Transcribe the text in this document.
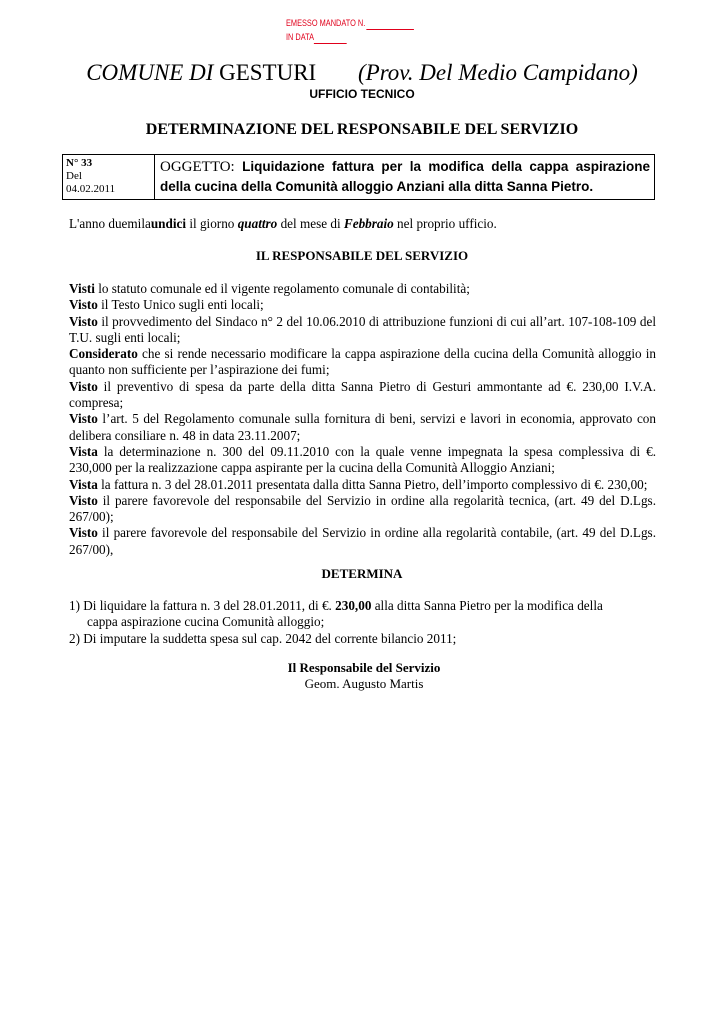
EMESSO MANDATO N.
IN DATA
COMUNE DI GESTURI (Prov. Del Medio Campidano)
UFFICIO TECNICO
DETERMINAZIONE DEL RESPONSABILE DEL SERVIZIO
N° 33
Del
04.02.2011
OGGETTO: Liquidazione fattura per la modifica della cappa aspirazione della cucina della Comunità alloggio Anziani alla ditta Sanna Pietro.
L'anno duemilaundici il giorno quattro del mese di Febbraio nel proprio ufficio.
IL RESPONSABILE DEL SERVIZIO

Visti lo statuto comunale ed il vigente regolamento comunale di contabilità;

Visto il Testo Unico sugli enti locali;

Visto il provvedimento del Sindaco n° 2 del 10.06.2010 di attribuzione funzioni di cui all’art. 107-108-109 del T.U. sugli enti locali;

Considerato che si rende necessario modificare la cappa aspirazione della cucina della Comunità alloggio in quanto non sufficiente per l’aspirazione dei fumi;

Visto il preventivo di spesa da parte della ditta Sanna Pietro di Gesturi ammontante ad €. 230,00 I.V.A. compresa;

Visto l’art. 5 del Regolamento comunale sulla fornitura di beni, servizi e lavori in economia, approvato con delibera consiliare n. 48 in data 23.11.2007;

Vista la determinazione n. 300 del 09.11.2010 con la quale venne impegnata la spesa complessiva di €. 230,000 per la realizzazione cappa aspirante per la cucina della Comunità Alloggio Anziani;

Vista la fattura n. 3 del 28.01.2011 presentata dalla ditta Sanna Pietro, dell’importo complessivo di €. 230,00;

Visto il parere favorevole del responsabile del Servizio in ordine alla regolarità tecnica, (art. 49 del D.Lgs. 267/00);

Visto il parere favorevole del responsabile del Servizio in ordine alla regolarità contabile, (art. 49 del D.Lgs. 267/00),

DETERMINA

1) Di liquidare la fattura n. 3 del 28.01.2011, di €. 230,00 alla ditta Sanna Pietro per la modifica della

cappa aspirazione cucina Comunità alloggio;

2) Di imputare la suddetta spesa sul cap. 2042 del corrente bilancio 2011;

Il Responsabile del Servizio
Geom. Augusto Martis
